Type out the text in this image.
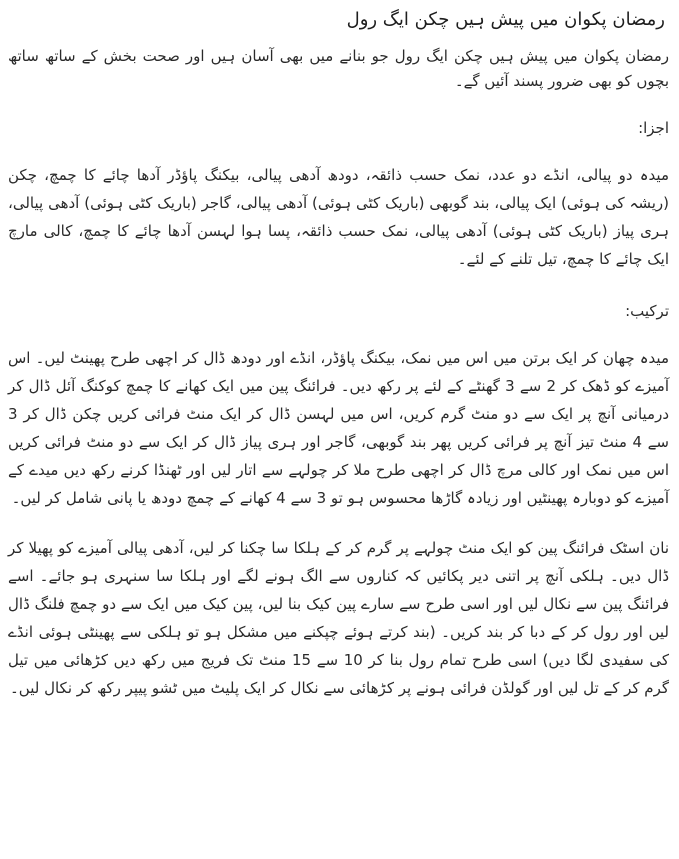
رمضان پکوان میں پیش ہیں چکن ایگ رول

رمضان پکوان میں پیش ہیں چکن ایگ رول جو بنانے میں بھی آسان ہیں اور صحت بخش کے ساتھ ساتھ بچوں کو بھی ضرور پسند آئیں گے۔

اجزا:

میدہ دو پیالی، انڈے دو عدد، نمک حسب ذائقہ، دودھ آدھی پیالی، بیکنگ پاؤڈر آدھا چائے کا چمچ، چکن (ریشہ کی ہوئی) ایک پیالی، بند گوبھی (باریک کٹی ہوئی) آدھی پیالی، گاجر (باریک کٹی ہوئی) آدھی پیالی، ہری پیاز (باریک کٹی ہوئی) آدھی پیالی، نمک حسب ذائقہ، پسا ہوا لہسن آدھا چائے کا چمچ، کالی مارچ ایک چائے کا چمچ، تیل تلنے کے لئے۔

ترکیب:

میدہ چھان کر ایک برتن میں اس میں نمک، بیکنگ پاؤڈر، انڈے اور دودھ ڈال کر اچھی طرح پھینٹ لیں۔ اس آمیزے کو ڈھک کر 2 سے 3 گھنٹے کے لئے پر رکھ دیں۔ فرائنگ پین میں ایک کھانے کا چمچ کوکنگ آئل ڈال کر درمیانی آنچ پر ایک سے دو منٹ گرم کریں، اس میں لہسن ڈال کر ایک منٹ فرائی کریں چکن ڈال کر 3 سے 4 منٹ تیز آنچ پر فرائی کریں پھر بند گوبھی، گاجر اور ہری پیاز ڈال کر ایک سے دو منٹ فرائی کریں اس میں نمک اور کالی مرچ ڈال کر اچھی طرح ملا کر چولہے سے اتار لیں اور ٹھنڈا کرنے رکھ دیں میدے کے آمیزے کو دوبارہ پھینٹیں اور زیادہ گاڑھا محسوس ہو تو 3 سے 4 کھانے کے چمچ دودھ یا پانی شامل کر لیں۔

نان اسٹک فرائنگ پین کو ایک منٹ چولہے پر گرم کر کے ہلکا سا چکنا کر لیں، آدھی پیالی آمیزے کو پھیلا کر ڈال دیں۔ ہلکی آنچ پر اتنی دیر پکائیں کہ کناروں سے الگ ہونے لگے اور ہلکا سا سنہری ہو جائے۔ اسے فرائنگ پین سے نکال لیں اور اسی طرح سے سارے پین کیک بنا لیں، پین کیک میں ایک سے دو چمچ فلنگ ڈال لیں اور رول کر کے دبا کر بند کریں۔ (بند کرتے ہوئے چپکنے میں مشکل ہو تو ہلکی سے پھینٹی ہوئی انڈے کی سفیدی لگا دیں) اسی طرح تمام رول بنا کر 10 سے 15 منٹ تک فریج میں رکھ دیں کڑھائی میں تیل گرم کر کے تل لیں اور گولڈن فرائی ہونے پر کڑھائی سے نکال کر ایک پلیٹ میں ٹشو پیپر رکھ کر نکال لیں۔
